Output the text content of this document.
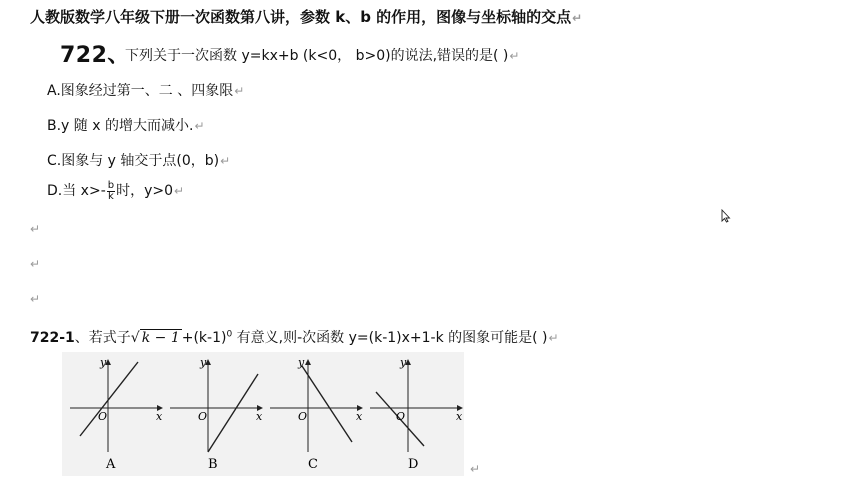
人教版数学八年级下册一次函数第八讲，参数 k、b 的作用，图像与坐标轴的交点↵
722、
下列关于一次函数 y=kx+b (k<0， b>0)的说法,错误的是( )↵
A.图象经过第一、二 、四象限↵
B.y 随 x 的增大而减小.↵
C.图象与 y 轴交于点(0，b)↵
D.当 $x>- \frac{b}{k}$ 时，y>0↵
↵
↵
↵
722-1、若式子√ $k - 1 +(k-1)^0$ 有意义,则-次函数 y=(k-1)x+1-k 的图象可能是( )↵
x
y
O
A
x
y
O
B
x
y
O
C
x
y
O
D	↵
